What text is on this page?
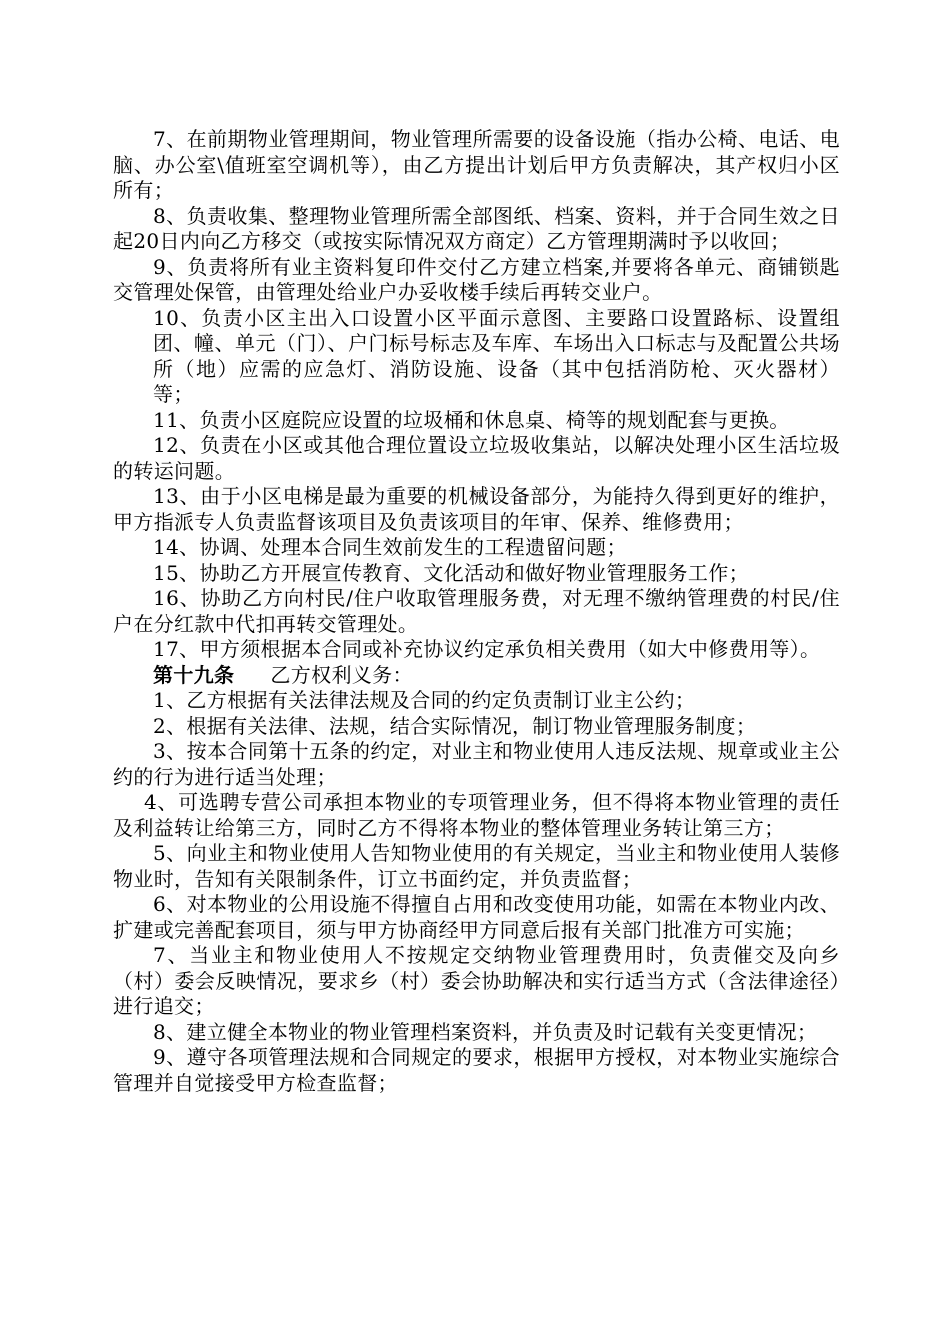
7、在前期物业管理期间，物业管理所需要的设备设施（指办公椅、电话、电脑、办公室\值班室空调机等），由乙方提出计划后甲方负责解决，其产权归小区所有；

8、负责收集、整理物业管理所需全部图纸、档案、资料，并于合同生效之日起20日内向乙方移交（或按实际情况双方商定）乙方管理期满时予以收回；

9、负责将所有业主资料复印件交付乙方建立档案,并要将各单元、商铺锁匙交管理处保管，由管理处给业户办妥收楼手续后再转交业户。

10、负责小区主出入口设置小区平面示意图、主要路口设置路标、设置组团、幢、单元（门）、户门标号标志及车库、车场出入口标志与及配置公共场所（地）应需的应急灯、消防设施、设备（其中包括消防枪、灭火器材）等；

11、负责小区庭院应设置的垃圾桶和休息桌、椅等的规划配套与更换。

12、负责在小区或其他合理位置设立垃圾收集站，以解决处理小区生活垃圾的转运问题。

13、由于小区电梯是最为重要的机械设备部分，为能持久得到更好的维护，甲方指派专人负责监督该项目及负责该项目的年审、保养、维修费用；

14、协调、处理本合同生效前发生的工程遗留问题；

15、协助乙方开展宣传教育、文化活动和做好物业管理服务工作；

16、协助乙方向村民/住户收取管理服务费，对无理不缴纳管理费的村民/住户在分红款中代扣再转交管理处。

17、甲方须根据本合同或补充协议约定承负相关费用（如大中修费用等）。

第十九条 乙方权利义务：

1、乙方根据有关法律法规及合同的约定负责制订业主公约；

2、根据有关法律、法规，结合实际情况，制订物业管理服务制度；

3、按本合同第十五条的约定，对业主和物业使用人违反法规、规章或业主公约的行为进行适当处理；

4、可选聘专营公司承担本物业的专项管理业务，但不得将本物业管理的责任及利益转让给第三方，同时乙方不得将本物业的整体管理业务转让第三方；

5、向业主和物业使用人告知物业使用的有关规定，当业主和物业使用人装修物业时，告知有关限制条件，订立书面约定，并负责监督；

6、对本物业的公用设施不得擅自占用和改变使用功能，如需在本物业内改、扩建或完善配套项目，须与甲方协商经甲方同意后报有关部门批准方可实施；

7、当业主和物业使用人不按规定交纳物业管理费用时，负责催交及向乡（村）委会反映情况，要求乡（村）委会协助解决和实行适当方式（含法律途径）进行追交；

8、建立健全本物业的物业管理档案资料，并负责及时记载有关变更情况；

9、遵守各项管理法规和合同规定的要求，根据甲方授权，对本物业实施综合管理并自觉接受甲方检查监督；
